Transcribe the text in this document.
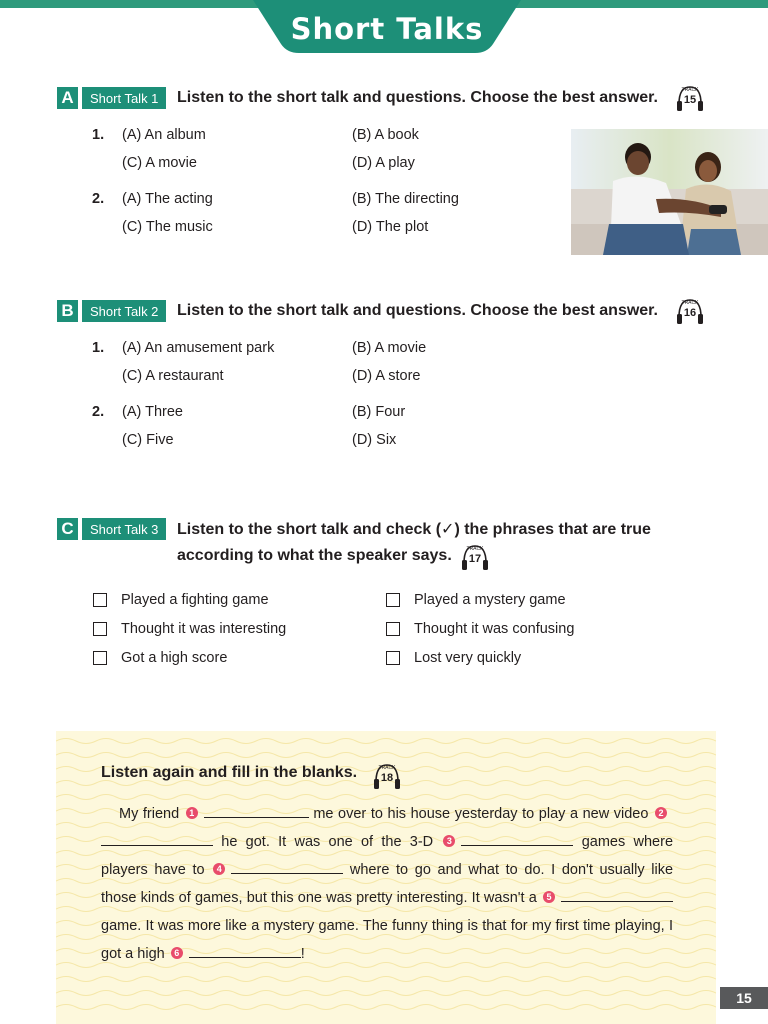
Short Talks
A	Short Talk 1	Listen to the short talk and questions. Choose the best answer.	TRACK
15
1. (A) An album	(B) A book
(C) A movie	(D) A play
2. (A) The acting	(B) The directing
(C) The music	(D) The plot
B	Short Talk 2	Listen to the short talk and questions. Choose the best answer.	TRACK
16
1. (A) An amusement park	(B) A movie
(C) A restaurant	(D) A store
2. (A) Three	(B) Four
(C) Five	(D) Six
C	Short Talk 3	Listen to the short talk and check (✓) the phrases that are true
according to what the speaker says.	TRACK
17
Played a fighting game	Played a mystery game
Thought it was interesting	Thought it was confusing
Got a high score	Lost very quickly
Listen again and fill in the blanks.	TRACK
18
My friend 1	me over to his house yesterday to play a new video 2 he got. It was one of the 3-D 3	games where players have to 4	where to go and what to do. I don't usually like those kinds of games, but this one was pretty interesting. It wasn't a 5 game. It was more like a mystery game. The funny thing is that for my first time playing, I got a high 6	!
15
